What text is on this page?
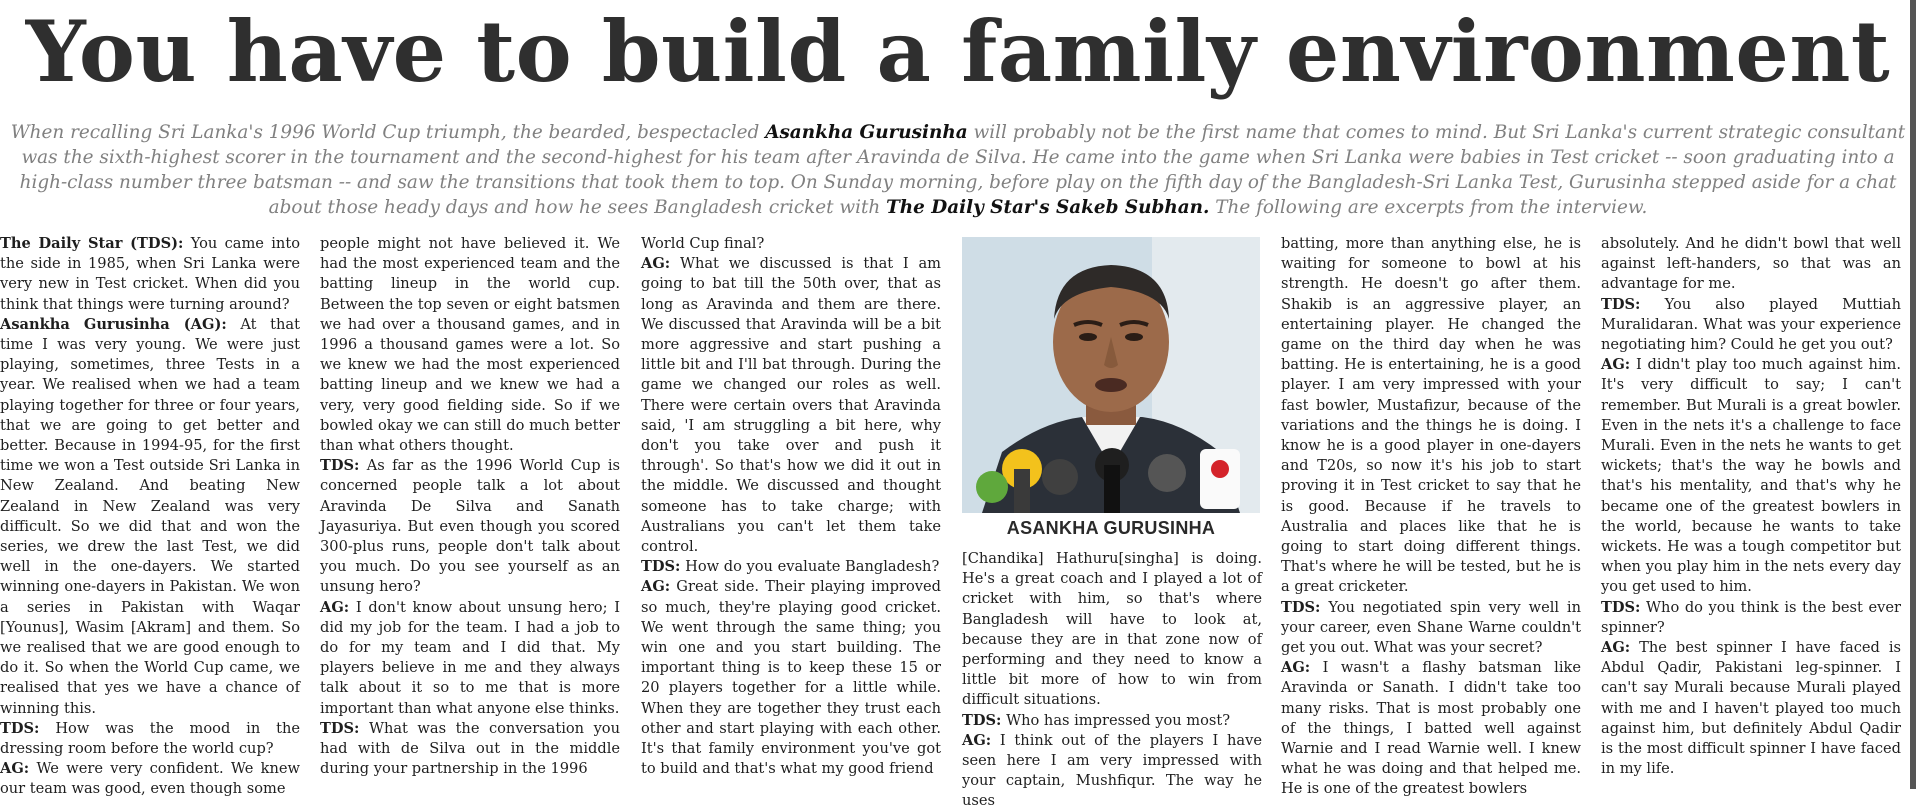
You have to build a family environment
When recalling Sri Lanka's 1996 World Cup triumph, the bearded, bespectacled Asankha Gurusinha will probably not be the first name that comes to mind. But Sri Lanka's current strategic consultant
was the sixth-highest scorer in the tournament and the second-highest for his team after Aravinda de Silva. He came into the game when Sri Lanka were babies in Test cricket -- soon graduating into a
high-class number three batsman -- and saw the transitions that took them to top. On Sunday morning, before play on the fifth day of the Bangladesh-Sri Lanka Test, Gurusinha stepped aside for a chat
about those heady days and how he sees Bangladesh cricket with The Daily Star's Sakeb Subhan. The following are excerpts from the interview.

The Daily Star (TDS): You came into the side in 1985, when Sri Lanka were very new in Test cricket. When did you think that things were turning around?

Asankha Gurusinha (AG): At that time I was very young. We were just playing, sometimes, three Tests in a year. We realised when we had a team playing together for three or four years, that we are going to get better and better. Because in 1994-95, for the first time we won a Test outside Sri Lanka in New Zealand. And beating New Zealand in New Zealand was very difficult. So we did that and won the series, we drew the last Test, we did well in the one-dayers. We started winning one-dayers in Pakistan. We won a series in Pakistan with Waqar [Younus], Wasim [Akram] and them. So we realised that we are good enough to do it. So when the World Cup came, we realised that yes we have a chance of winning this.

TDS: How was the mood in the dressing room before the world cup?

AG: We were very confident. We knew our team was good, even though some

people might not have believed it. We had the most experienced team and the batting lineup in the world cup. Between the top seven or eight batsmen we had over a thousand games, and in 1996 a thousand games were a lot. So we knew we had the most experienced batting lineup and we knew we had a very, very good fielding side. So if we bowled okay we can still do much better than what others thought.

TDS: As far as the 1996 World Cup is concerned people talk a lot about Aravinda De Silva and Sanath Jayasuriya. But even though you scored 300-plus runs, people don't talk about you much. Do you see yourself as an unsung hero?

AG: I don't know about unsung hero; I did my job for the team. I had a job to do for my team and I did that. My players believe in me and they always talk about it so to me that is more important than what anyone else thinks.

TDS: What was the conversation you had with de Silva out in the middle during your partnership in the 1996

World Cup final?

AG: What we discussed is that I am going to bat till the 50th over, that as long as Aravinda and them are there. We discussed that Aravinda will be a bit more aggressive and start pushing a little bit and I'll bat through. During the game we changed our roles as well. There were certain overs that Aravinda said, 'I am struggling a bit here, why don't you take over and push it through'. So that's how we did it out in the middle. We discussed and thought someone has to take charge; with Australians you can't let them take control.

TDS: How do you evaluate Bangladesh?

AG: Great side. Their playing improved so much, they're playing good cricket. We went through the same thing; you win one and you start building. The important thing is to keep these 15 or 20 players together for a little while. When they are together they trust each other and start playing with each other. It's that family environment you've got to build and that's what my good friend

ASANKHA GURUSINHA

[Chandika] Hathuru[singha] is doing. He's a great coach and I played a lot of cricket with him, so that's where Bangladesh will have to look at, because they are in that zone now of performing and they need to know a little bit more of how to win from difficult situations.

TDS: Who has impressed you most?

AG: I think out of the players I have seen here I am very impressed with your captain, Mushfiqur. The way he uses

batting, more than anything else, he is waiting for someone to bowl at his strength. He doesn't go after them. Shakib is an aggressive player, an entertaining player. He changed the game on the third day when he was batting. He is entertaining, he is a good player. I am very impressed with your fast bowler, Mustafizur, because of the variations and the things he is doing. I know he is a good player in one-dayers and T20s, so now it's his job to start proving it in Test cricket to say that he is good. Because if he travels to Australia and places like that he is going to start doing different things. That's where he will be tested, but he is a great cricketer.

TDS: You negotiated spin very well in your career, even Shane Warne couldn't get you out. What was your secret?

AG: I wasn't a flashy batsman like Aravinda or Sanath. I didn't take too many risks. That is most probably one of the things, I batted well against Warnie and I read Warnie well. I knew what he was doing and that helped me. He is one of the greatest bowlers

absolutely. And he didn't bowl that well against left-handers, so that was an advantage for me.

TDS: You also played Muttiah Muralidaran. What was your experience negotiating him? Could he get you out?

AG: I didn't play too much against him. It's very difficult to say; I can't remember. But Murali is a great bowler. Even in the nets it's a challenge to face Murali. Even in the nets he wants to get wickets; that's the way he bowls and that's his mentality, and that's why he became one of the greatest bowlers in the world, because he wants to take wickets. He was a tough competitor but when you play him in the nets every day you get used to him.

TDS: Who do you think is the best ever spinner?

AG: The best spinner I have faced is Abdul Qadir, Pakistani leg-spinner. I can't say Murali because Murali played with me and I haven't played too much against him, but definitely Abdul Qadir is the most difficult spinner I have faced in my life.
